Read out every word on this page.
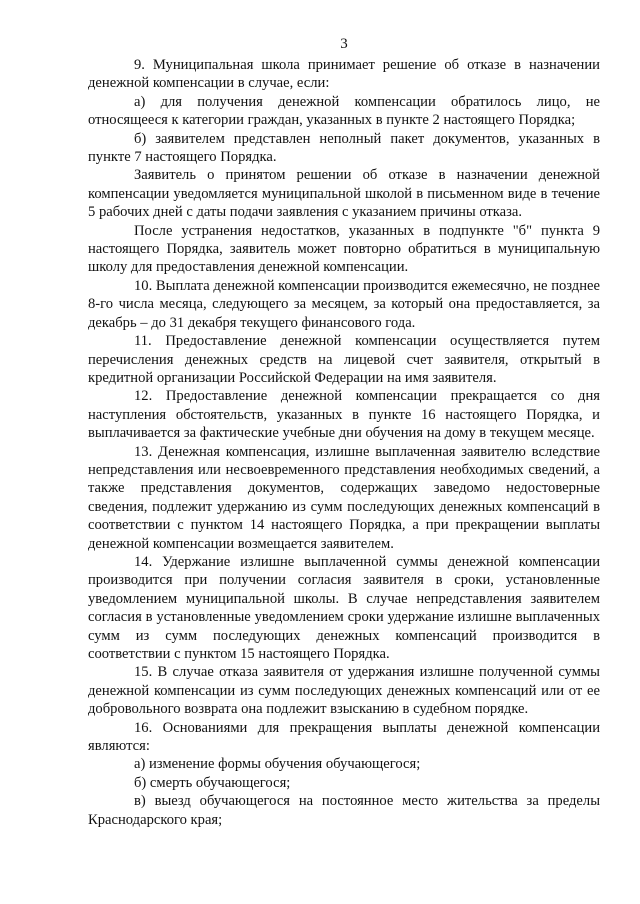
3

9. Муниципальная школа принимает решение об отказе в назначении денежной компенсации в случае, если:

а) для получения денежной компенсации обратилось лицо, не относящееся к категории граждан, указанных в пункте 2 настоящего Порядка;

б) заявителем представлен неполный пакет документов, указанных в пункте 7 настоящего Порядка.

Заявитель о принятом решении об отказе в назначении денежной компенсации уведомляется муниципальной школой в письменном виде в течение 5 рабочих дней с даты подачи заявления с указанием причины отказа.

После устранения недостатков, указанных в подпункте "б" пункта 9 настоящего Порядка, заявитель может повторно обратиться в муниципальную школу для предоставления денежной компенсации.

10. Выплата денежной компенсации производится ежемесячно, не позднее 8-го числа месяца, следующего за месяцем, за который она предоставляется, за декабрь – до 31 декабря текущего финансового года.

11. Предоставление денежной компенсации осуществляется путем перечисления денежных средств на лицевой счет заявителя, открытый в кредитной организации Российской Федерации на имя заявителя.

12. Предоставление денежной компенсации прекращается со дня наступления обстоятельств, указанных в пункте 16 настоящего Порядка, и выплачивается за фактические учебные дни обучения на дому в текущем месяце.

13. Денежная компенсация, излишне выплаченная заявителю вследствие непредставления или несвоевременного представления необходимых сведений, а также представления документов, содержащих заведомо недостоверные сведения, подлежит удержанию из сумм последующих денежных компенсаций в соответствии с пунктом 14 настоящего Порядка, а при прекращении выплаты денежной компенсации возмещается заявителем.

14. Удержание излишне выплаченной суммы денежной компенсации производится при получении согласия заявителя в сроки, установленные уведомлением муниципальной школы. В случае непредставления заявителем согласия в установленные уведомлением сроки удержание излишне выплаченных сумм из сумм последующих денежных компенсаций производится в соответствии с пунктом 15 настоящего Порядка.

15. В случае отказа заявителя от удержания излишне полученной суммы денежной компенсации из сумм последующих денежных компенсаций или от ее добровольного возврата она подлежит взысканию в судебном порядке.

16. Основаниями для прекращения выплаты денежной компенсации являются:

а) изменение формы обучения обучающегося;

б) смерть обучающегося;

в) выезд обучающегося на постоянное место жительства за пределы Краснодарского края;
